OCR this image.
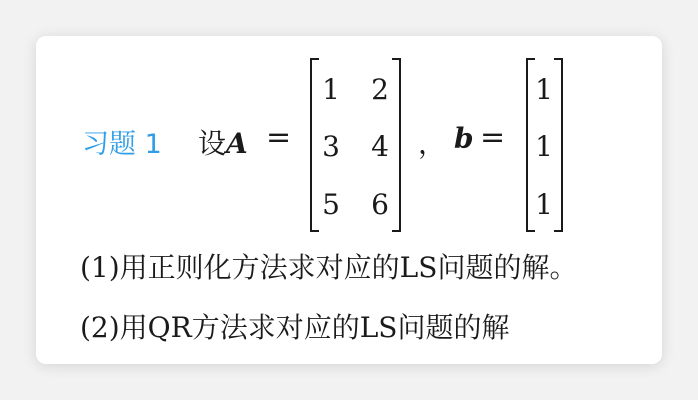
习题 1 设A =
1 2
3 4
5 6
， b =
1
1
1
(1)用正则化方法求对应的LS问题的解。
(2)用QR方法求对应的LS问题的解
